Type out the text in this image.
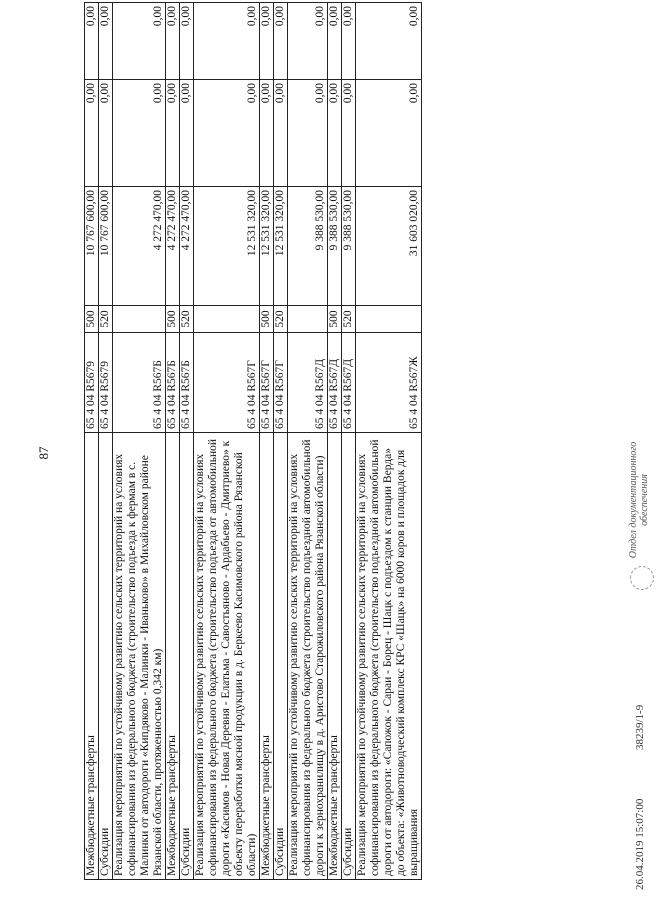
87
Межбюджетные трансферты	65 4 04 R5679	500	10 767 600,00	0,00	0,00
Субсидии	65 4 04 R5679	520	10 767 600,00	0,00	0,00
Реализация мероприятий по устойчивому развитию сельских территорий на условиях софинансирования из федерального бюджета (строительство подъезда к фермам в с. Малинки от автодороги «Кипдяково - Малинки - Иваньково» в Михайловском районе Рязанской области, протяженностью 0,342 км)	65 4 04 R567Б		4 272 470,00	0,00	0,00
Межбюджетные трансферты	65 4 04 R567Б	500	4 272 470,00	0,00	0,00
Субсидии	65 4 04 R567Б	520	4 272 470,00	0,00	0,00
Реализация мероприятий по устойчивому развитию сельских территорий на условиях софинансирования из федерального бюджета (строительство подъезда от автомобильной дороги «Касимов - Новая Деревня - Елатьма - Савостьяново - Ардабьево - Дмитриево» к объекту переработки мясной продукции в д. Беркеево Касимовского района Рязанской области)	65 4 04 R567Г		12 531 320,00	0,00	0,00
Межбюджетные трансферты	65 4 04 R567Г	500	12 531 320,00	0,00	0,00
Субсидии	65 4 04 R567Г	520	12 531 320,00	0,00	0,00
Реализация мероприятий по устойчивому развитию сельских территорий на условиях софинансирования из федерального бюджета (строительство подъездной автомобильной дороги к зернохранилищу в д. Аристово Старожиловского района Рязанской области)	65 4 04 R567Д		9 388 530,00	0,00	0,00
Межбюджетные трансферты	65 4 04 R567Д	500	9 388 530,00	0,00	0,00
Субсидии	65 4 04 R567Д	520	9 388 530,00	0,00	0,00
Реализация мероприятий по устойчивому развитию сельских территорий на условиях софинансирования из федерального бюджета (строительство подъездной автомобильной дороги от автодороги: «Сапожок - Сараи - Борец - Шацк с подъездом к станции Верда» до объекта: «Животноводческий комплекс КРС «Шацк» на 6000 коров и площадок для выращивания	65 4 04 R567Ж		31 603 020,00	0,00	0,00
26.04.2019 15:07:00
38239/1-9
Отдел документационного обеспечения
